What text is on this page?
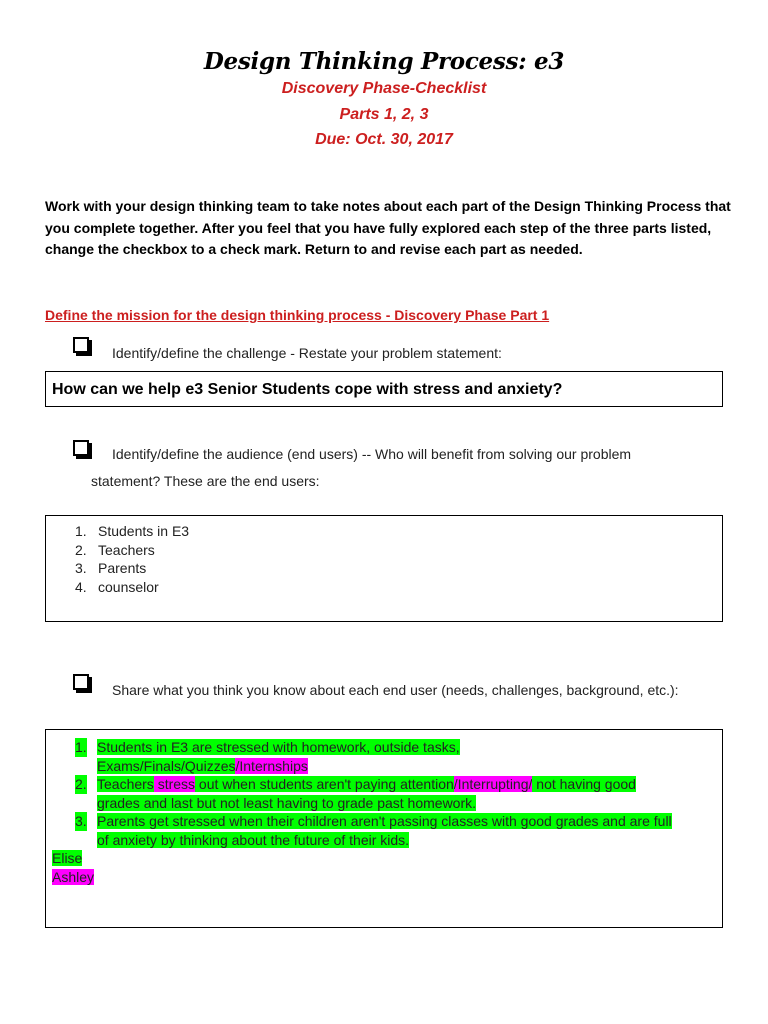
Design Thinking Process: e3
Discovery Phase-Checklist
Parts 1, 2, 3
Due: Oct. 30, 2017
Work with your design thinking team to take notes about each part of the Design Thinking Process that you complete together. After you feel that you have fully explored each step of the three parts listed, change the checkbox to a check mark. Return to and revise each part as needed.
Define the mission for the design thinking process - Discovery Phase Part 1
Identify/define the challenge - Restate your problem statement:
How can we help e3 Senior Students cope with stress and anxiety?
Identify/define the audience (end users) -- Who will benefit from solving our problem
statement? These are the end users:
1. Students in E3
2. Teachers
3. Parents
4. counselor
Share what you think you know about each end user (needs, challenges, background, etc.):
1. Students in E3 are stressed with homework, outside tasks,
Exams/Finals/Quizzes/Internships
2. Teachers stress out when students aren't paying attention/Interrupting/ not having good
grades and last but not least having to grade past homework.
3. Parents get stressed when their children aren't passing classes with good grades and are full
of anxiety by thinking about the future of their kids.
Elise
Ashley
